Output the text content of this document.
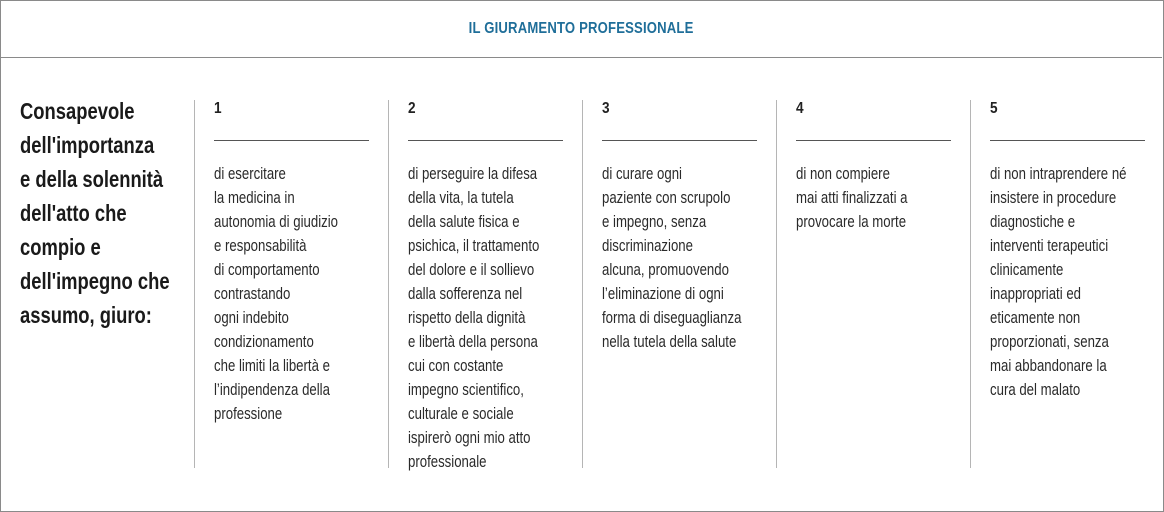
IL GIURAMENTO PROFESSIONALE
Consapevole
dell'importanza
e della solennità
dell'atto che
compio e
dell'impegno che
assumo, giuro:
1
di esercitare
la medicina in
autonomia di giudizio
e responsabilità
di comportamento
contrastando
ogni indebito
condizionamento
che limiti la libertà e
l’indipendenza della
professione
2
di perseguire la difesa
della vita, la tutela
della salute fisica e
psichica, il trattamento
del dolore e il sollievo
dalla sofferenza nel
rispetto della dignità
e libertà della persona
cui con costante
impegno scientifico,
culturale e sociale
ispirerò ogni mio atto
professionale
3
di curare ogni
paziente con scrupolo
e impegno, senza
discriminazione
alcuna, promuovendo
l’eliminazione di ogni
forma di diseguaglianza
nella tutela della salute
4
di non compiere
mai atti finalizzati a
provocare la morte
5
di non intraprendere né
insistere in procedure
diagnostiche e
interventi terapeutici
clinicamente
inappropriati ed
eticamente non
proporzionati, senza
mai abbandonare la
cura del malato
